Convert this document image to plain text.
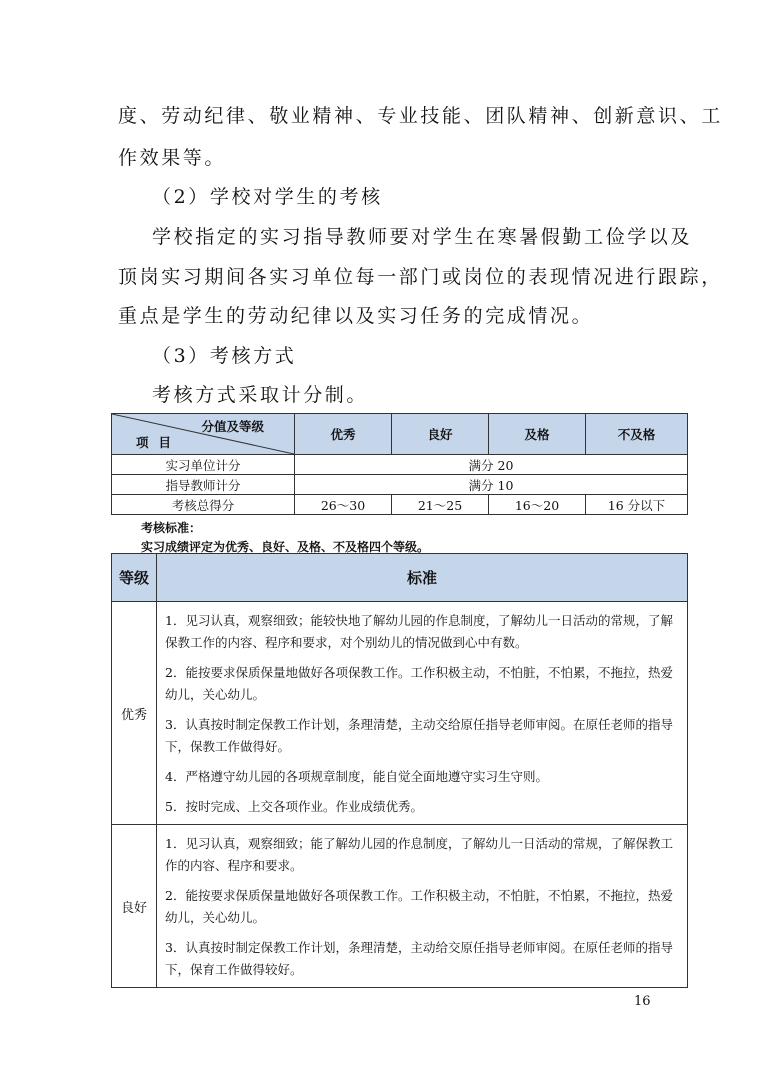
度、劳动纪律、敬业精神、专业技能、团队精神、创新意识、工
作效果等。
（2）学校对学生的考核
学校指定的实习指导教师要对学生在寒暑假勤工俭学以及
顶岗实习期间各实习单位每一部门或岗位的表现情况进行跟踪，
重点是学生的劳动纪律以及实习任务的完成情况。
（3）考核方式
考核方式采取计分制。
分值及等级
项目	优秀	良好	及格	不及格
实习单位计分	满分 20			
指导教师计分	满分 10			
考核总得分	26～30	21～25	16～20	16 分以下
考核标准：
实习成绩评定为优秀、良好、及格、不及格四个等级。
等级	标准
优秀	1．见习认真，观察细致；能较快地了解幼儿园的作息制度，了解幼儿一日活动的常规，了解保教工作的内容、程序和要求，对个别幼儿的情况做到心中有数。

2．能按要求保质保量地做好各项保教工作。工作积极主动，不怕脏，不怕累，不拖拉，热爱幼儿，关心幼儿。

3．认真按时制定保教工作计划，条理清楚，主动交给原任指导老师审阅。在原任老师的指导下，保教工作做得好。

4．严格遵守幼儿园的各项规章制度，能自觉全面地遵守实习生守则。

5．按时完成、上交各项作业。作业成绩优秀。

良好	1．见习认真，观察细致；能了解幼儿园的作息制度，了解幼儿一日活动的常规，了解保教工作的内容、程序和要求。

2．能按要求保质保量地做好各项保教工作。工作积极主动，不怕脏，不怕累，不拖拉，热爱幼儿，关心幼儿。

3．认真按时制定保教工作计划，条理清楚，主动给交原任指导老师审阅。在原任老师的指导下，保育工作做得较好。

16
